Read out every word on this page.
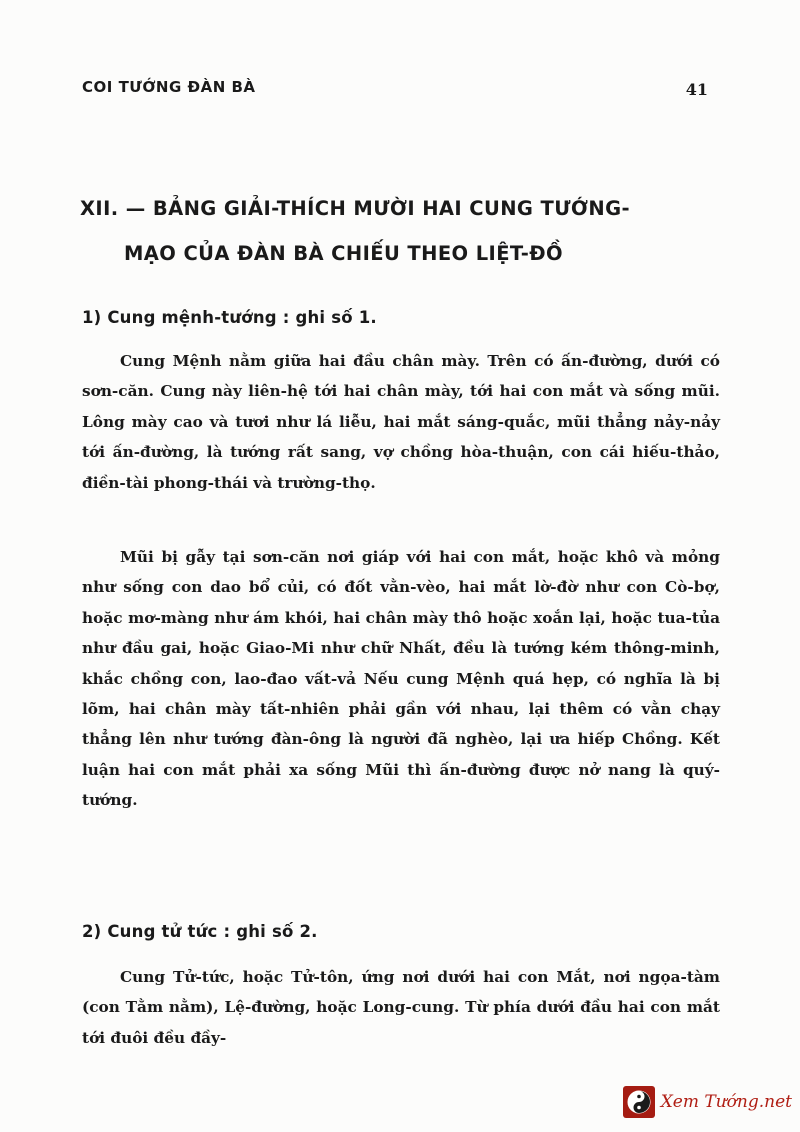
COI TƯỚNG ĐÀN BÀ	41
XII. — BẢNG GIẢI-THÍCH MƯỜI HAI CUNG TƯỚNG-
MẠO CỦA ĐÀN BÀ CHIẾU THEO LIỆT-ĐỒ
1) Cung mệnh-tướng : ghi số 1.

Cung Mệnh nằm giữa hai đầu chân mày. Trên có ấn-đường, dưới có sơn-căn. Cung này liên-hệ tới hai chân mày, tới hai con mắt và sống mũi. Lông mày cao và tươi như lá liễu, hai mắt sáng-quắc, mũi thẳng nảy-nảy tới ấn-đường, là tướng rất sang, vợ chồng hòa-thuận, con cái hiếu-thảo, điền-tài phong-thái và trường-thọ.

Mũi bị gẫy tại sơn-căn nơi giáp với hai con mắt, hoặc khô và mỏng như sống con dao bổ củi, có đốt vằn-vèo, hai mắt lờ-đờ như con Cò-bợ, hoặc mơ-màng như ám khói, hai chân mày thô hoặc xoắn lại, hoặc tua-tủa như đầu gai, hoặc Giao-Mi như chữ Nhất, đều là tướng kém thông-minh, khắc chồng con, lao-đao vất-vả Nếu cung Mệnh quá hẹp, có nghĩa là bị lõm, hai chân mày tất-nhiên phải gần với nhau, lại thêm có vằn chạy thẳng lên như tướng đàn-ông là người đã nghèo, lại ưa hiếp Chồng. Kết luận hai con mắt phải xa sống Mũi thì ấn-đường được nở nang là quý-tướng.

2) Cung tử tức : ghi số 2.

Cung Tử-tức, hoặc Tử-tôn, ứng nơi dưới hai con Mắt, nơi ngọa-tàm (con Tằm nằm), Lệ-đường, hoặc Long-cung. Từ phía dưới đầu hai con mắt tới đuôi đều đầy-

Xem Tướng.net
